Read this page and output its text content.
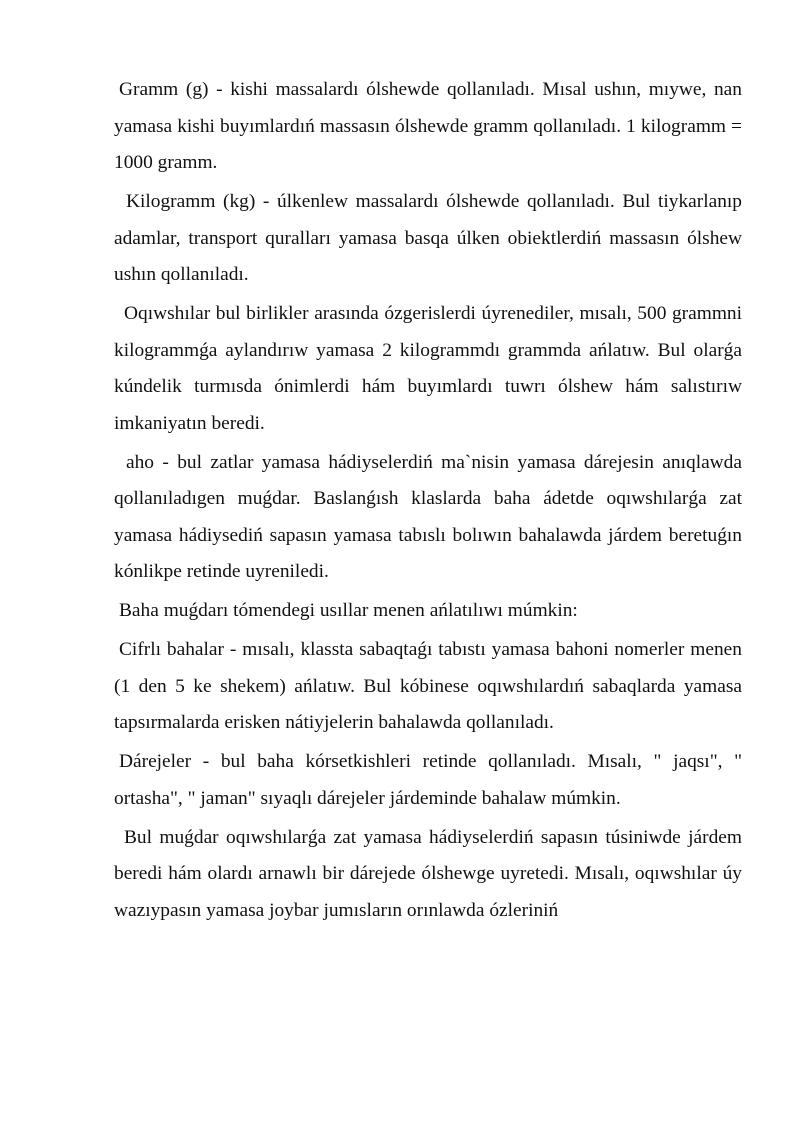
Gramm (g) - kishi massalardı ólshewde qollanıladı. Mısal ushın, mıywe, nan yamasa kishi buyımlardıń massasın ólshewde gramm qollanıladı. 1 kilogramm = 1000 gramm.

Kilogramm (kg) - úlkenlew massalardı ólshewde qollanıladı. Bul tiykarlanıp adamlar, transport quralları yamasa basqa úlken obiektlerdiń massasın ólshew ushın qollanıladı.

Oqıwshılar bul birlikler arasında ózgerislerdi úyrenediler, mısalı, 500 grammni kilogrammǵa aylandırıw yamasa 2 kilogrammdı grammda ańlatıw. Bul olarǵa kúndelik turmısda ónimlerdi hám buyımlardı tuwrı ólshew hám salıstırıw imkaniyatın beredi.

aho - bul zatlar yamasa hádiyselerdiń ma`nisin yamasa dárejesin anıqlawda qollanıladıgen muǵdar. Baslanǵısh klaslarda baha ádetde oqıwshılarǵa zat yamasa hádiysediń sapasın yamasa tabıslı bolıwın bahalawda járdem beretuǵın kónlikpe retinde uyreniledi.

Baha muǵdarı tómendegi usıllar menen ańlatılıwı múmkin:

Cifrlı bahalar - mısalı, klassta sabaqtaǵı tabıstı yamasa bahoni nomerler menen (1 den 5 ke shekem) ańlatıw. Bul kóbinese oqıwshılardıń sabaqlarda yamasa tapsırmalarda erisken nátiyjelerin bahalawda qollanıladı.

Dárejeler - bul baha kórsetkishleri retinde qollanıladı. Mısalı, " jaqsı", " ortasha", " jaman" sıyaqlı dárejeler járdeminde bahalaw múmkin.

Bul muǵdar oqıwshılarǵa zat yamasa hádiyselerdiń sapasın túsiniwde járdem beredi hám olardı arnawlı bir dárejede ólshewge uyretedi. Mısalı, oqıwshılar úy wazıypasın yamasa joybar jumısların orınlawda ózleriniń
